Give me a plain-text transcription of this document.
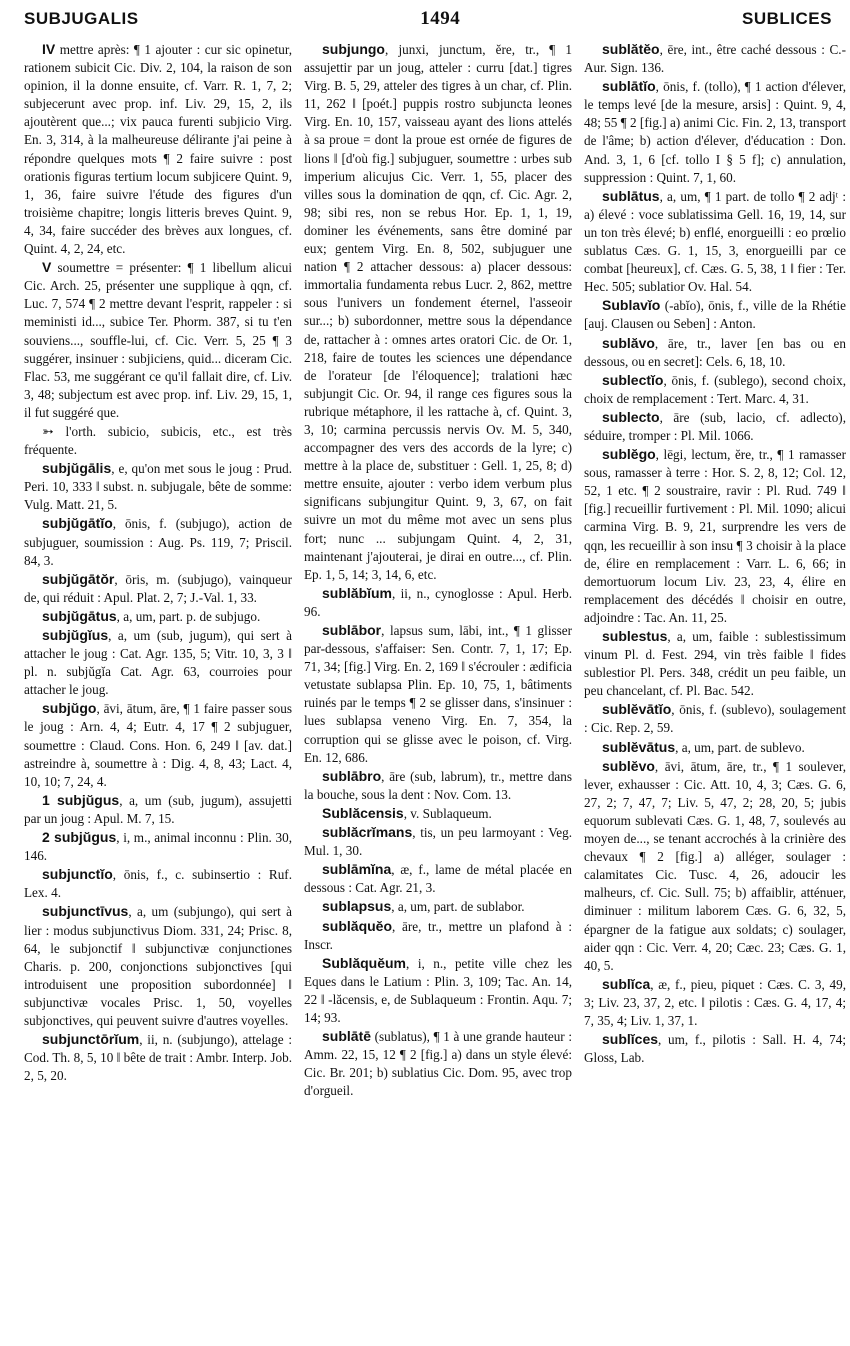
SUBJUGALIS	1494	SUBLICES

IV mettre après: ¶ 1 ajouter : cur sic opinetur, rationem subicit Cic. Div. 2, 104, la raison de son opinion, il la donne ensuite, cf. Varr. R. 1, 7, 2; subjecerunt avec prop. inf. Liv. 29, 15, 2, ils ajoutèrent que...; vix pauca furenti subjicio Virg. En. 3, 314, à la malheureuse délirante j'ai peine à répondre quelques mots ¶ 2 faire suivre : post orationis figuras tertium locum subjicere Quint. 9, 1, 36, faire suivre l'étude des figures d'un troisième chapitre; longis litteris breves Quint. 9, 4, 34, faire succéder des brèves aux longues, cf. Quint. 4, 2, 24, etc.

V soumettre = présenter: ¶ 1 libellum alicui Cic. Arch. 25, présenter une supplique à qqn, cf. Luc. 7, 574 ¶ 2 mettre devant l'esprit, rappeler : si meministi id..., subice Ter. Phorm. 387, si tu t'en souviens..., souffle-lui, cf. Cic. Verr. 5, 25 ¶ 3 suggérer, insinuer : subjiciens, quid... diceram Cic. Flac. 53, me suggérant ce qu'il fallait dire, cf. Liv. 3, 48; subjectum est avec prop. inf. Liv. 29, 15, 1, il fut suggéré que.

➳ l'orth. subicio, subicis, etc., est très fréquente.

subjŭgālis, e, qu'on met sous le joug : Prud. Peri. 10, 333 ‖ subst. n. subjugale, bête de somme: Vulg. Matt. 21, 5.

subjŭgātĭo, ōnis, f. (subjugo), action de subjuguer, soumission : Aug. Ps. 119, 7; Priscil. 84, 3.

subjŭgātŏr, ōris, m. (subjugo), vainqueur de, qui réduit : Apul. Plat. 2, 7; J.-Val. 1, 33.

subjŭgātus, a, um, part. p. de subjugo.

subjŭgĭus, a, um (sub, jugum), qui sert à attacher le joug : Cat. Agr. 135, 5; Vitr. 10, 3, 3 ‖ pl. n. subjŭgĭa Cat. Agr. 63, courroies pour attacher le joug.

subjŭgo, āvi, ātum, āre, ¶ 1 faire passer sous le joug : Arn. 4, 4; Eutr. 4, 17 ¶ 2 subjuguer, soumettre : Claud. Cons. Hon. 6, 249 ‖ [av. dat.] astreindre à, soumettre à : Dig. 4, 8, 43; Lact. 4, 10, 10; 7, 24, 4.

1 subjŭgus, a, um (sub, jugum), assujetti par un joug : Apul. M. 7, 15.

2 subjŭgus, i, m., animal inconnu : Plin. 30, 146.

subjunctĭo, ōnis, f., c. subinsertio : Ruf. Lex. 4.

subjunctīvus, a, um (subjungo), qui sert à lier : modus subjunctivus Diom. 331, 24; Prisc. 8, 64, le subjonctif ‖ subjunctivæ conjunctiones Charis. p. 200, conjonctions subjonctives [qui introduisent une proposition subordonnée] ‖ subjunctivæ vocales Prisc. 1, 50, voyelles subjonctives, qui peuvent suivre d'autres voyelles.

subjunctōrĭum, ii, n. (subjungo), attelage : Cod. Th. 8, 5, 10 ‖ bête de trait : Ambr. Interp. Job. 2, 5, 20.

subjungo, junxi, junctum, ĕre, tr., ¶ 1 assujettir par un joug, atteler : curru [dat.] tigres Virg. B. 5, 29, atteler des tigres à un char, cf. Plin. 11, 262 ‖ [poét.] puppis rostro subjuncta leones Virg. En. 10, 157, vaisseau ayant des lions attelés à sa proue = dont la proue est ornée de figures de lions ‖ [d'où fig.] subjuguer, soumettre : urbes sub imperium alicujus Cic. Verr. 1, 55, placer des villes sous la domination de qqn, cf. Cic. Agr. 2, 98; sibi res, non se rebus Hor. Ep. 1, 1, 19, dominer les événements, sans être dominé par eux; gentem Virg. En. 8, 502, subjuguer une nation ¶ 2 attacher dessous: a) placer dessous: immortalia fundamenta rebus Lucr. 2, 862, mettre sous l'univers un fondement éternel, l'asseoir sur...; b) subordonner, mettre sous la dépendance de, rattacher à : omnes artes oratori Cic. de Or. 1, 218, faire de toutes les sciences une dépendance de l'orateur [de l'éloquence]; tralationi hæc subjungit Cic. Or. 94, il range ces figures sous la rubrique métaphore, il les rattache à, cf. Quint. 3, 3, 10; carmina percussis nervis Ov. M. 5, 340, accompagner des vers des accords de la lyre; c) mettre à la place de, substituer : Gell. 1, 25, 8; d) mettre ensuite, ajouter : verbo idem verbum plus significans subjungitur Quint. 9, 3, 67, on fait suivre un mot du même mot avec un sens plus fort; nunc ... subjungam Quint. 4, 2, 31, maintenant j'ajouterai, je dirai en outre..., cf. Plin. Ep. 1, 5, 14; 3, 14, 6, etc.

sublăbĭum, ii, n., cynoglosse : Apul. Herb. 96.

sublābor, lapsus sum, lābi, int., ¶ 1 glisser par-dessous, s'affaiser: Sen. Contr. 7, 1, 17; Ep. 71, 34; [fig.] Virg. En. 2, 169 ‖ s'écrouler : ædificia vetustate sublapsa Plin. Ep. 10, 75, 1, bâtiments ruinés par le temps ¶ 2 se glisser dans, s'insinuer : lues sublapsa veneno Virg. En. 7, 354, la corruption qui se glisse avec le poison, cf. Virg. En. 12, 686.

sublābro, āre (sub, labrum), tr., mettre dans la bouche, sous la dent : Nov. Com. 13.

Sublăcensis, v. Sublaqueum.

sublăcrĭmans, tis, un peu larmoyant : Veg. Mul. 1, 30.

sublāmĭna, æ, f., lame de métal placée en dessous : Cat. Agr. 21, 3.

sublapsus, a, um, part. de sublabor.

sublăquĕo, āre, tr., mettre un plafond à : Inscr.

Sublăquĕum, i, n., petite ville chez les Eques dans le Latium : Plin. 3, 109; Tac. An. 14, 22 ‖ -lăcensis, e, de Sublaqueum : Frontin. Aqu. 7; 14; 93.

sublātē (sublatus), ¶ 1 à une grande hauteur : Amm. 22, 15, 12 ¶ 2 [fig.] a) dans un style élevé: Cic. Br. 201; b) sublatius Cic. Dom. 95, avec trop d'orgueil.

sublătĕo, ēre, int., être caché dessous : C.-Aur. Sign. 136.

sublātĭo, ōnis, f. (tollo), ¶ 1 action d'élever, le temps levé [de la mesure, arsis] : Quint. 9, 4, 48; 55 ¶ 2 [fig.] a) animi Cic. Fin. 2, 13, transport de l'âme; b) action d'élever, d'éducation : Don. And. 3, 1, 6 [cf. tollo I § 5 f]; c) annulation, suppression : Quint. 7, 1, 60.

sublātus, a, um, ¶ 1 part. de tollo ¶ 2 adjᵗ : a) élevé : voce sublatissima Gell. 16, 19, 14, sur un ton très élevé; b) enflé, enorgueilli : eo prœlio sublatus Cæs. G. 1, 15, 3, enorgueilli par ce combat [heureux], cf. Cæs. G. 5, 38, 1 ‖ fier : Ter. Hec. 505; sublatior Ov. Hal. 54.

Sublavĭo (-abĭo), ōnis, f., ville de la Rhétie [auj. Clausen ou Seben] : Anton.

sublăvo, āre, tr., laver [en bas ou en dessous, ou en secret]: Cels. 6, 18, 10.

sublectĭo, ōnis, f. (sublego), second choix, choix de remplacement : Tert. Marc. 4, 31.

sublecto, āre (sub, lacio, cf. adlecto), séduire, tromper : Pl. Mil. 1066.

sublĕgo, lēgi, lectum, ĕre, tr., ¶ 1 ramasser sous, ramasser à terre : Hor. S. 2, 8, 12; Col. 12, 52, 1 etc. ¶ 2 soustraire, ravir : Pl. Rud. 749 ‖ [fig.] recueillir furtivement : Pl. Mil. 1090; alicui carmina Virg. B. 9, 21, surprendre les vers de qqn, les recueillir à son insu ¶ 3 choisir à la place de, élire en remplacement : Varr. L. 6, 66; in demortuorum locum Liv. 23, 23, 4, élire en remplacement des décédés ‖ choisir en outre, adjoindre : Tac. An. 11, 25.

sublestus, a, um, faible : sublestissimum vinum Pl. d. Fest. 294, vin très faible ‖ fides sublestior Pl. Pers. 348, crédit un peu faible, un peu chancelant, cf. Pl. Bac. 542.

sublĕvātĭo, ōnis, f. (sublevo), soulagement : Cic. Rep. 2, 59.

sublĕvātus, a, um, part. de sublevo.

sublĕvo, āvi, ātum, āre, tr., ¶ 1 soulever, lever, exhausser : Cic. Att. 10, 4, 3; Cæs. G. 6, 27, 2; 7, 47, 7; Liv. 5, 47, 2; 28, 20, 5; jubis equorum sublevati Cæs. G. 1, 48, 7, soulevés au moyen de..., se tenant accrochés à la crinière des chevaux ¶ 2 [fig.] a) alléger, soulager : calamitates Cic. Tusc. 4, 26, adoucir les malheurs, cf. Cic. Sull. 75; b) affaiblir, atténuer, diminuer : militum laborem Cæs. G. 6, 32, 5, épargner de la fatigue aux soldats; c) soulager, aider qqn : Cic. Verr. 4, 20; Cæc. 23; Cæs. G. 1, 40, 5.

sublĭca, æ, f., pieu, piquet : Cæs. C. 3, 49, 3; Liv. 23, 37, 2, etc. ‖ pilotis : Cæs. G. 4, 17, 4; 7, 35, 4; Liv. 1, 37, 1.

sublĭces, um, f., pilotis : Sall. H. 4, 74; Gloss, Lab.
